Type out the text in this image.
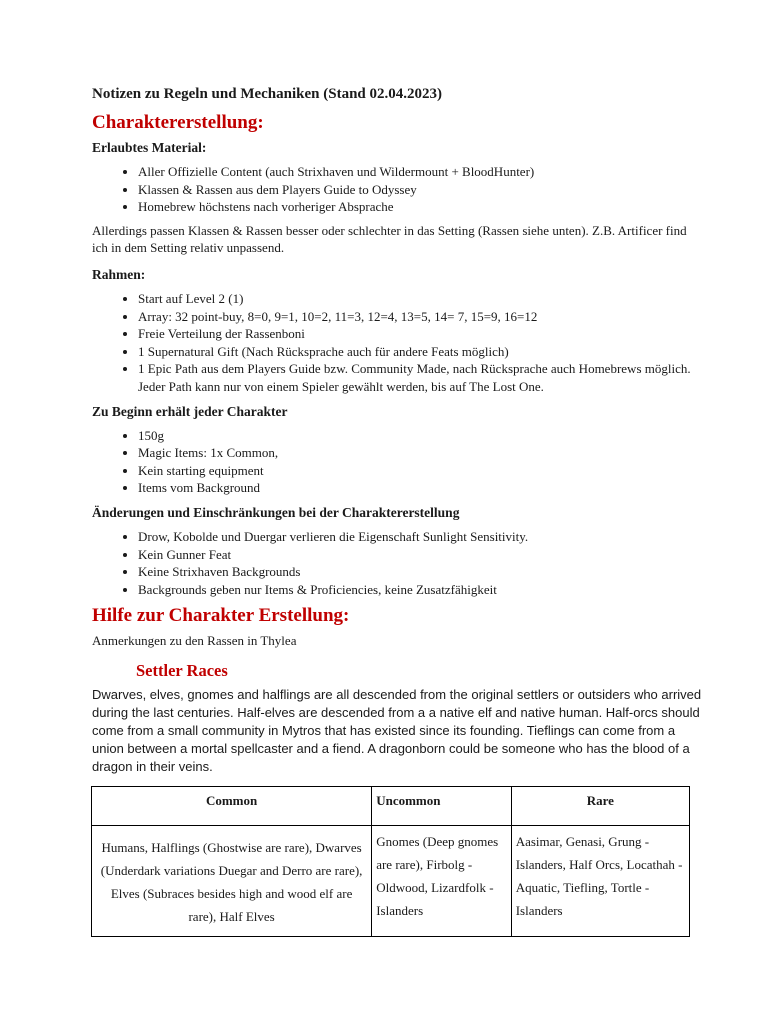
Notizen zu Regeln und Mechaniken (Stand 02.04.2023)

Charaktererstellung:
Erlaubtes Material:
• Aller Offizielle Content (auch Strixhaven und Wildermount + BloodHunter)
• Klassen & Rassen aus dem Players Guide to Odyssey
• Homebrew höchstens nach vorheriger Absprache

Allerdings passen Klassen & Rassen besser oder schlechter in das Setting (Rassen siehe unten). Z.B. Artificer find ich in dem Setting relativ unpassend.

Rahmen:
• Start auf Level 2 (1)
• Array: 32 point-buy, 8=0, 9=1, 10=2, 11=3, 12=4, 13=5, 14= 7, 15=9, 16=12
• Freie Verteilung der Rassenboni
• 1 Supernatural Gift (Nach Rücksprache auch für andere Feats möglich)
• 1 Epic Path aus dem Players Guide bzw. Community Made, nach Rücksprache auch Homebrews möglich. Jeder Path kann nur von einem Spieler gewählt werden, bis auf The Lost One.
Zu Beginn erhält jeder Charakter
• 150g
• Magic Items: 1x Common,
• Kein starting equipment
• Items vom Background
Änderungen und Einschränkungen bei der Charaktererstellung
• Drow, Kobolde und Duergar verlieren die Eigenschaft Sunlight Sensitivity.
• Kein Gunner Feat
• Keine Strixhaven Backgrounds
• Backgrounds geben nur Items & Proficiencies, keine Zusatzfähigkeit
Hilfe zur Charakter Erstellung:

Anmerkungen zu den Rassen in Thylea

Settler Races

Dwarves, elves, gnomes and halflings are all descended from the original settlers or outsiders who arrived during the last centuries. Half-elves are descended from a a native elf and native human. Half-orcs should come from a small community in Mytros that has existed since its founding. Tieflings can come from a union between a mortal spellcaster and a fiend. A dragonborn could be someone who has the blood of a dragon in their veins.

Common	Uncommon	Rare
Humans, Halflings (Ghostwise are rare), Dwarves (Underdark variations Duegar and Derro are rare), Elves (Subraces besides high and wood elf are rare), Half Elves	Gnomes (Deep gnomes are rare), Firbolg - Oldwood, Lizardfolk - Islanders	Aasimar, Genasi, Grung - Islanders, Half Orcs, Locathah - Aquatic, Tiefling, Tortle - Islanders
